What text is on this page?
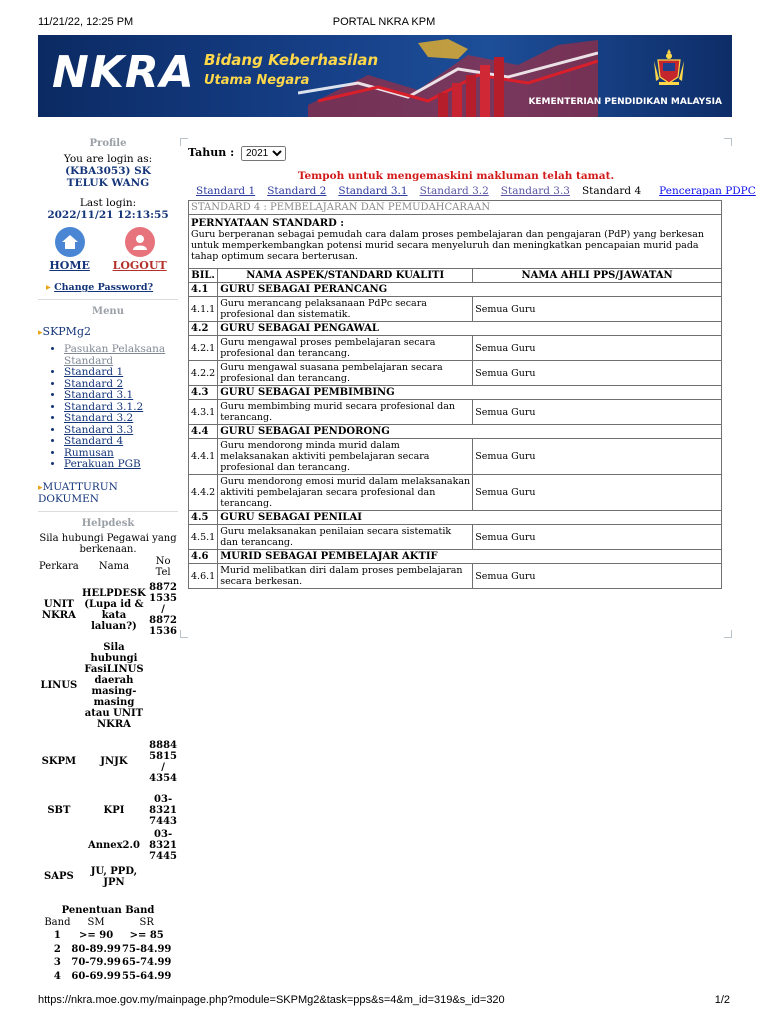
11/21/22, 12:25 PM	PORTAL NKRA KPM
NKRA Bidang Keberhasilan
Utama Negara
KEMENTERIAN PENDIDIKAN MALAYSIA
Profile
You are login as:
(KBA3053) SK TELUK WANG
Last login:
2022/11/21 12:13:55
HOME LOGOUT
▸ Change Password?
Menu
▸SKPMg2
• Pasukan Pelaksana Standard
• Standard 1
• Standard 2
• Standard 3.1
• Standard 3.1.2
• Standard 3.2
• Standard 3.3
• Standard 4
• Rumusan
• Perakuan PGB
▸MUATTURUN DOKUMEN
Helpdesk
Sila hubungi Pegawai yang berkenaan.
Perkara	Nama	No Tel
UNIT NKRA	HELPDESK (Lupa id & kata laluan?)	8872 1535 / 8872 1536
LINUS	Sila hubungi FasiLINUS daerah masing-masing atau UNIT NKRA	
SKPM	JNJK	8884 5815 / 4354
SBT	KPI	03-8321 7443
	Annex2.0	03-8321 7445
SAPS	JU, PPD, JPN	
Penentuan Band
Band	SM	SR
1	>= 90	>= 85
2	80-89.99	75-84.99
3	70-79.99	65-74.99
4	60-69.99	55-64.99
Tahun :
2021
Tempoh untuk mengemaskini makluman telah tamat.
Standard 1 Standard 2 Standard 3.1 Standard 3.2 Standard 3.3 Standard 4 Pencerapan PDPC
STANDARD 4 : PEMBELAJARAN DAN PEMUDAHCARAAN		

PERNYATAAN STANDARD :
Guru berperanan sebagai pemudah cara dalam proses pembelajaran dan pengajaran (PdP) yang berkesan untuk memperkembangkan potensi murid secara menyeluruh dan meningkatkan pencapaian murid pada tahap optimum secara berterusan.		

BIL.	NAMA ASPEK/STANDARD KUALITI	NAMA AHLI PPS/JAWATAN
4.1	GURU SEBAGAI PERANCANG	
4.1.1	Guru merancang pelaksanaan PdPc secara profesional dan sistematik.	Semua Guru
4.2	GURU SEBAGAI PENGAWAL	
4.2.1	Guru mengawal proses pembelajaran secara profesional dan terancang.	Semua Guru
4.2.2	Guru mengawal suasana pembelajaran secara profesional dan terancang.	Semua Guru
4.3	GURU SEBAGAI PEMBIMBING	
4.3.1	Guru membimbing murid secara profesional dan terancang.	Semua Guru
4.4	GURU SEBAGAI PENDORONG	
4.4.1	Guru mendorong minda murid dalam melaksanakan aktiviti pembelajaran secara profesional dan terancang.	Semua Guru
4.4.2	Guru mendorong emosi murid dalam melaksanakan aktiviti pembelajaran secara profesional dan terancang.	Semua Guru
4.5	GURU SEBAGAI PENILAI	
4.5.1	Guru melaksanakan penilaian secara sistematik dan terancang.	Semua Guru
4.6	MURID SEBAGAI PEMBELAJAR AKTIF	
4.6.1	Murid melibatkan diri dalam proses pembelajaran secara berkesan.	Semua Guru
https://nkra.moe.gov.my/mainpage.php?module=SKPMg2&task=pps&s=4&m_id=319&s_id=320	1/2
